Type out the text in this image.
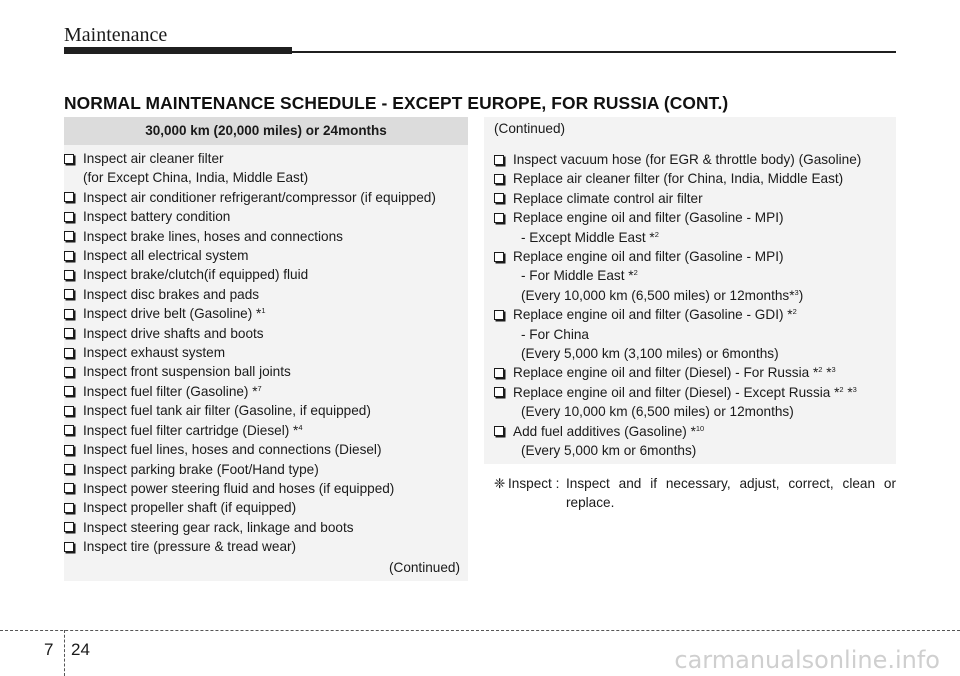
Maintenance
NORMAL MAINTENANCE SCHEDULE - EXCEPT EUROPE, FOR RUSSIA (CONT.)
30,000 km (20,000 miles) or 24months
Inspect air cleaner filter
(for Except China, India, Middle East)
Inspect air conditioner refrigerant/compressor (if equipped)
Inspect battery condition
Inspect brake lines, hoses and connections
Inspect all electrical system
Inspect brake/clutch(if equipped) fluid
Inspect disc brakes and pads
Inspect drive belt (Gasoline) *$^1$
Inspect drive shafts and boots
Inspect exhaust system
Inspect front suspension ball joints
Inspect fuel filter (Gasoline) *$^7$
Inspect fuel tank air filter (Gasoline, if equipped)
Inspect fuel filter cartridge (Diesel) *$^4$
Inspect fuel lines, hoses and connections (Diesel)
Inspect parking brake (Foot/Hand type)
Inspect power steering fluid and hoses (if equipped)
Inspect propeller shaft (if equipped)
Inspect steering gear rack, linkage and boots
Inspect tire (pressure & tread wear)
(Continued)
(Continued)
Inspect vacuum hose (for EGR & throttle body) (Gasoline)
Replace air cleaner filter (for China, India, Middle East)
Replace climate control air filter
Replace engine oil and filter (Gasoline - MPI)
- Except Middle East *$^2$
Replace engine oil and filter (Gasoline - MPI)
- For Middle East *$^2$
(Every 10,000 km (6,500 miles) or 12months*$^3$)
Replace engine oil and filter (Gasoline - GDI) *$^2$
- For China
(Every 5,000 km (3,100 miles) or 6months)
Replace engine oil and filter (Diesel) - For Russia *$^2$ *$^3$
Replace engine oil and filter (Diesel) - Except Russia *$^2$ *$^3$
(Every 10,000 km (6,500 miles) or 12months)
Add fuel additives (Gasoline) *$^{10}$
(Every 5,000 km or 6months)
❈ Inspect : Inspect and if necessary, adjust, correct, clean or replace.
7 24	carmanualsonline.info
